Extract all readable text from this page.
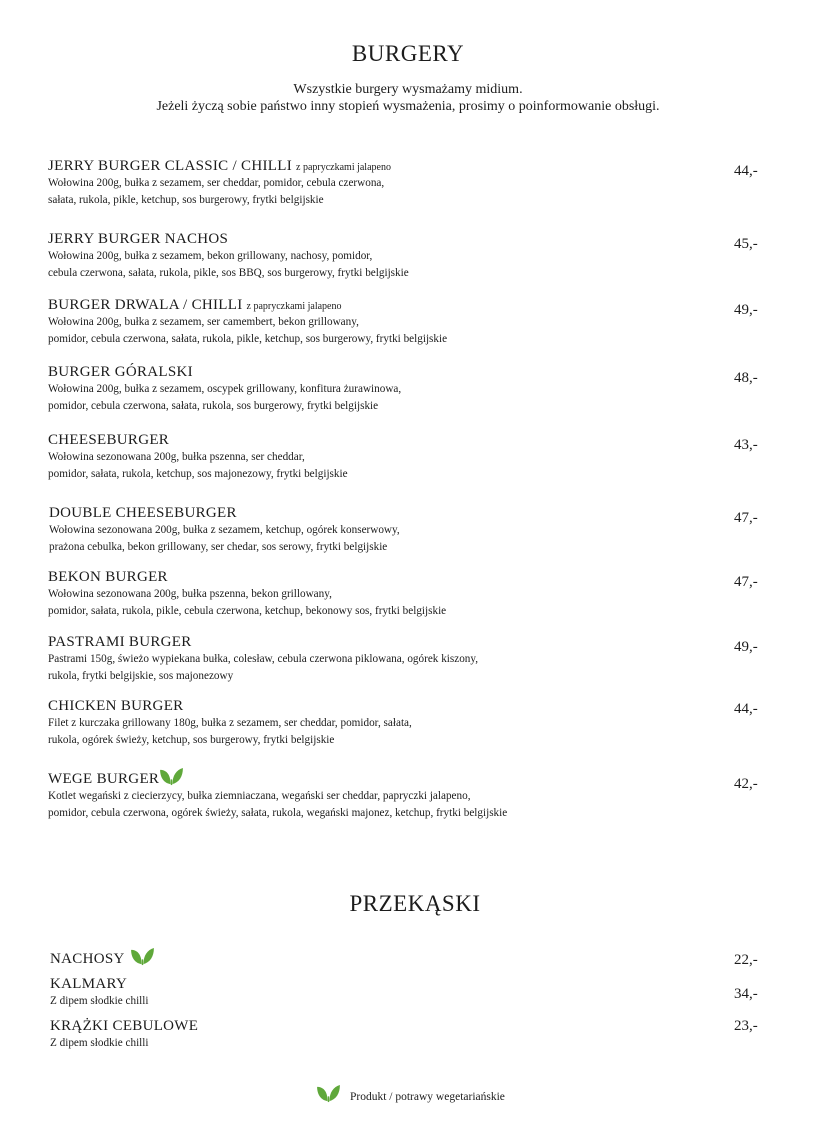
BURGERY
Wszystkie burgery wysmażamy midium.
Jeżeli życzą sobie państwo inny stopień wysmażenia, prosimy o poinformowanie obsługi.
JERRY BURGER CLASSIC / CHILLI z papryczkami jalapeno
Wołowina 200g, bułka z sezamem, ser cheddar, pomidor, cebula czerwona,
sałata, rukola, pikle, ketchup, sos burgerowy, frytki belgijskie
44,-
JERRY BURGER NACHOS
Wołowina 200g, bułka z sezamem, bekon grillowany, nachosy, pomidor,
cebula czerwona, sałata, rukola, pikle, sos BBQ, sos burgerowy, frytki belgijskie
45,-
BURGER DRWALA / CHILLI z papryczkami jalapeno
Wołowina 200g, bułka z sezamem, ser camembert, bekon grillowany,
pomidor, cebula czerwona, sałata, rukola, pikle, ketchup, sos burgerowy, frytki belgijskie
49,-
BURGER GÓRALSKI
Wołowina 200g, bułka z sezamem, oscypek grillowany, konfitura żurawinowa,
pomidor, cebula czerwona, sałata, rukola, sos burgerowy, frytki belgijskie
48,-
CHEESEBURGER
Wołowina sezonowana 200g, bułka pszenna, ser cheddar,
pomidor, sałata, rukola, ketchup, sos majonezowy, frytki belgijskie
43,-
DOUBLE CHEESEBURGER
Wołowina sezonowana 200g, bułka z sezamem, ketchup, ogórek konserwowy,
prażona cebulka, bekon grillowany, ser chedar, sos serowy, frytki belgijskie
47,-
BEKON BURGER
Wołowina sezonowana 200g, bułka pszenna, bekon grillowany,
pomidor, sałata, rukola, pikle, cebula czerwona, ketchup, bekonowy sos, frytki belgijskie
47,-
PASTRAMI BURGER
Pastrami 150g, świeżo wypiekana bułka, colesław, cebula czerwona piklowana, ogórek kiszony,
rukola, frytki belgijskie, sos majonezowy
49,-
CHICKEN BURGER
Filet z kurczaka grillowany 180g, bułka z sezamem, ser cheddar, pomidor, sałata,
rukola, ogórek świeży, ketchup, sos burgerowy, frytki belgijskie
44,-
WEGE BURGER
Kotlet wegański z ciecierzycy, bułka ziemniaczana, wegański ser cheddar, papryczki jalapeno,
pomidor, cebula czerwona, ogórek świeży, sałata, rukola, wegański majonez, ketchup, frytki belgijskie
42,-
PRZEKĄSKI
NACHOSY	22,-
KALMARY
Z dipem słodkie chilli	34,-
KRĄŻKI CEBULOWE
Z dipem słodkie chilli
23,-
Produkt / potrawy wegetariańskie
